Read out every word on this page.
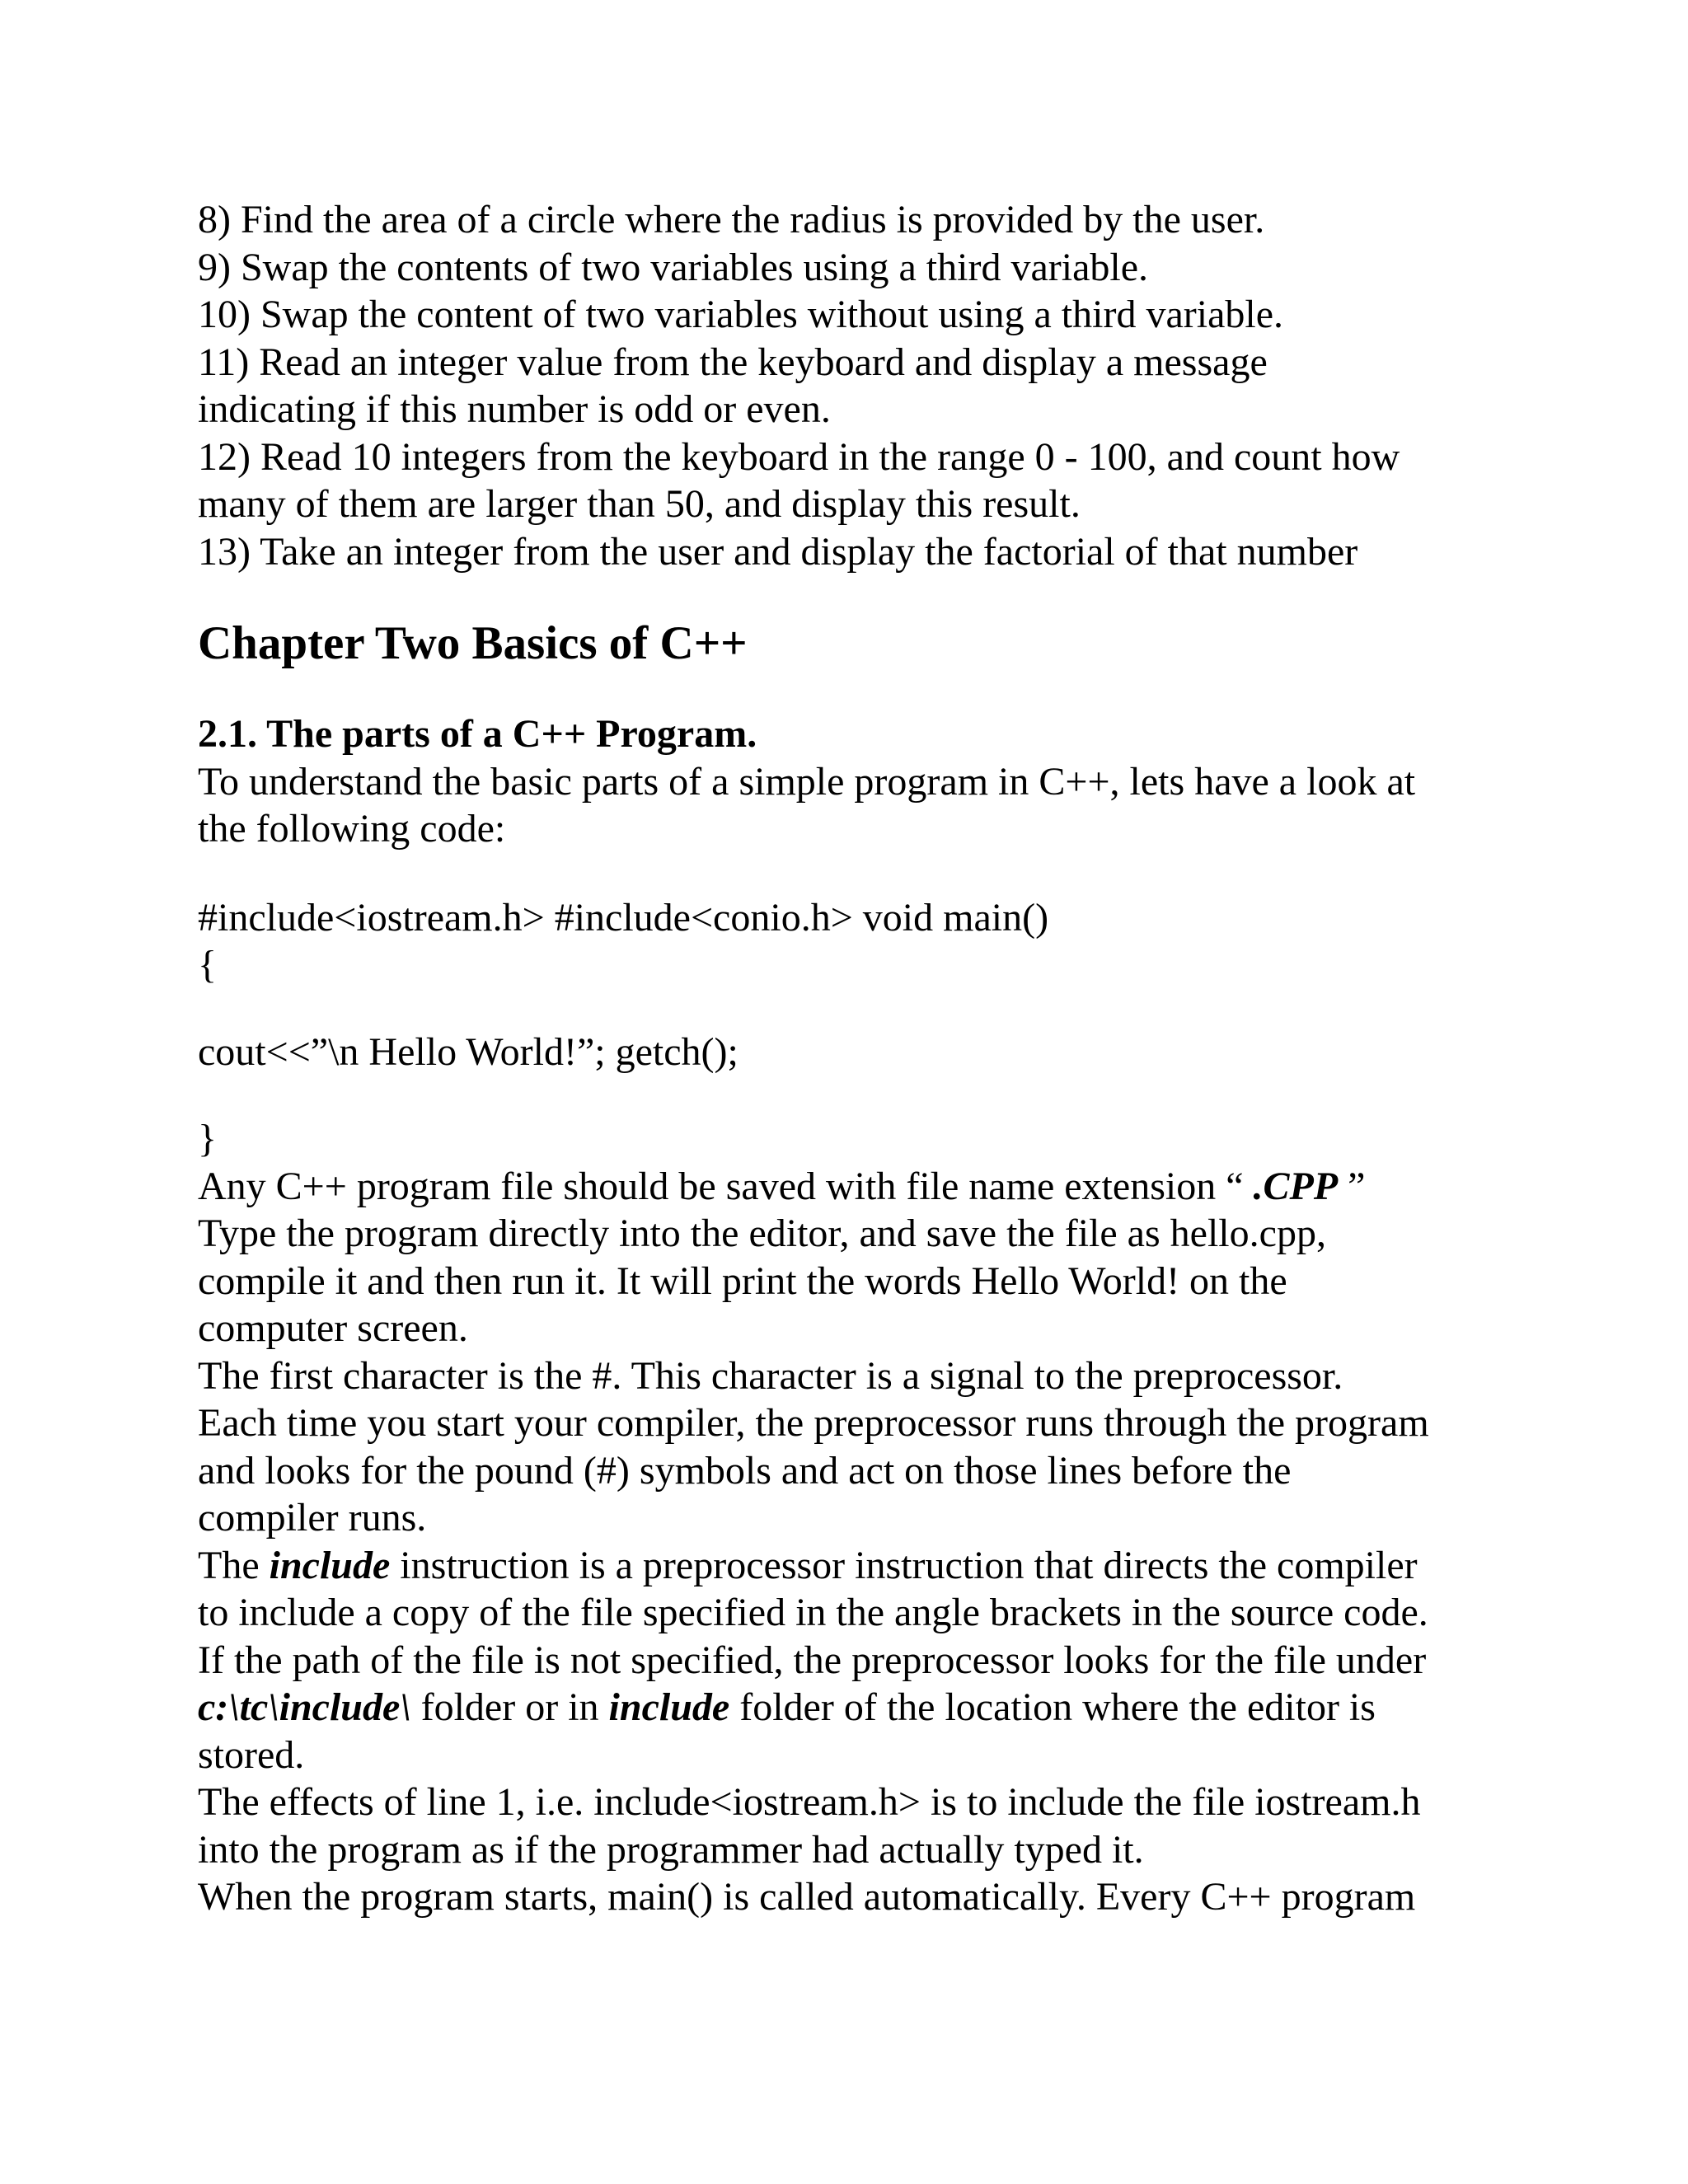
8) Find the area of a circle where the radius is provided by the user.
9) Swap the contents of two variables using a third variable.
10) Swap the content of two variables without using a third variable.
11) Read an integer value from the keyboard and display a message
indicating if this number is odd or even.
12) Read 10 integers from the keyboard in the range 0 - 100, and count how
many of them are larger than 50, and display this result.
13) Take an integer from the user and display the factorial of that number
Chapter Two Basics of C++
2.1. The parts of a C++ Program.
To understand the basic parts of a simple program in C++, lets have a look at
the following code:
#include<iostream.h> #include<conio.h> void main()
{
cout<<”\n Hello World!”; getch();
}
Any C++ program file should be saved with file name extension “ .CPP ”
Type the program directly into the editor, and save the file as hello.cpp,
compile it and then run it. It will print the words Hello World! on the
computer screen.
The first character is the #. This character is a signal to the preprocessor.
Each time you start your compiler, the preprocessor runs through the program
and looks for the pound (#) symbols and act on those lines before the
compiler runs.
The include instruction is a preprocessor instruction that directs the compiler
to include a copy of the file specified in the angle brackets in the source code.
If the path of the file is not specified, the preprocessor looks for the file under
c:\tc\include\ folder or in include folder of the location where the editor is
stored.
The effects of line 1, i.e. include<iostream.h> is to include the file iostream.h
into the program as if the programmer had actually typed it.
When the program starts, main() is called automatically. Every C++ program
